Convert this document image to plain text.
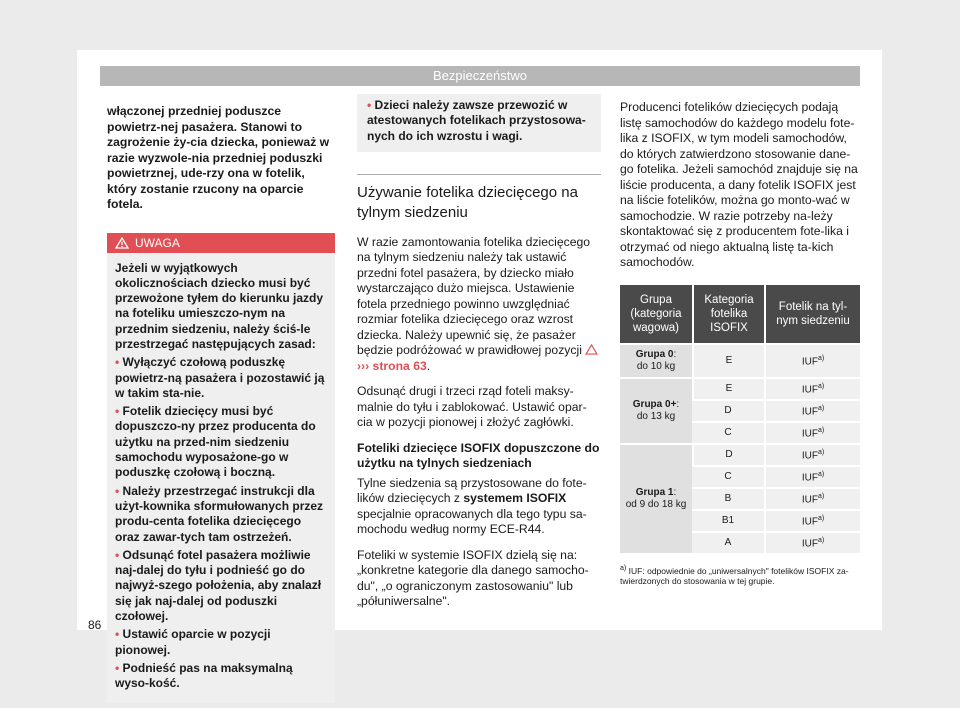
Bezpieczeństwo
włączonej przedniej poduszce powietrz-nej pasażera. Stanowi to zagrożenie ży-cia dziecka, ponieważ w razie wyzwole-nia przedniej poduszki powietrznej, ude-rzy ona w fotelik, który zostanie rzucony na oparcie fotela.
UWAGA

Jeżeli w wyjątkowych okolicznościach dziecko musi być przewożone tyłem do kierunku jazdy na foteliku umieszczo-nym na przednim siedzeniu, należy ściś-le przestrzegać następujących zasad:

• Wyłączyć czołową poduszkę powietrz-ną pasażera i pozostawić ją w takim sta-nie.

• Fotelik dziecięcy musi być dopuszczo-ny przez producenta do użytku na przed-nim siedzeniu samochodu wyposażone-go w poduszkę czołową i boczną.

• Należy przestrzegać instrukcji dla użyt-kownika sformułowanych przez produ-centa fotelika dziecięcego oraz zawar-tych tam ostrzeżeń.

• Odsunąć fotel pasażera możliwie naj-dalej do tyłu i podnieść go do najwyż-szego położenia, aby znalazł się jak naj-dalej od poduszki czołowej.

• Ustawić oparcie w pozycji pionowej.

• Podnieść pas na maksymalną wyso-kość.

• Dzieci należy zawsze przewozić w atestowanych fotelikach przystosowa-nych do ich wzrostu i wagi.
Używanie fotelika dziecięcego na tylnym siedzeniu
W razie zamontowania fotelika dziecięcego na tylnym siedzeniu należy tak ustawić przedni fotel pasażera, by dziecko miało wystarczająco dużo miejsca. Ustawienie fotela przedniego powinno uwzględniać rozmiar fotelika dziecięcego oraz wzrost dziecka. Należy upewnić się, że pasażer będzie podróżować w prawidłowej pozycji  ››› strona 63.
Odsunąć drugi i trzeci rząd foteli maksy-malnie do tyłu i zablokować. Ustawić opar-cia w pozycji pionowej i złożyć zagłówki.
Foteliki dziecięce ISOFIX dopuszczone do użytku na tylnych siedzeniach
Tylne siedzenia są przystosowane do fote-lików dziecięcych z systemem ISOFIX specjalnie opracowanych dla tego typu sa-mochodu według normy ECE-R44.
Foteliki w systemie ISOFIX dzielą się na: „konkretne kategorie dla danego samocho-du", „o ograniczonym zastosowaniu" lub „półuniwersalne".
Producenci fotelików dziecięcych podają listę samochodów do każdego modelu fote-lika z ISOFIX, w tym modeli samochodów, do których zatwierdzono stosowanie dane-go fotelika. Jeżeli samochód znajduje się na liście producenta, a dany fotelik ISOFIX jest na liście fotelików, można go monto-wać w samochodzie. W razie potrzeby na-leży skontaktować się z producentem fote-lika i otrzymać od niego aktualną listę ta-kich samochodów.
Grupa (kategoria wagowa)	Kategoria fotelika ISOFIX	Fotelik na tyl-nym siedzeniu
Grupa 0:
do 10 kg	E	IUF$^{a)}$
Grupa 0+:
do 13 kg	E	IUF$^{a)}$
	D	IUF$^{a)}$
	C	IUF$^{a)}$
Grupa 1:
od 9 do 18 kg	D	IUF$^{a)}$
	C	IUF$^{a)}$
	B	IUF$^{a)}$
	B1	IUF$^{a)}$
	A	IUF$^{a)}$
$^{a)}$ IUF: odpowiednie do „uniwersalnych" fotelików ISOFIX za-twierdzonych do stosowania w tej grupie.
86
